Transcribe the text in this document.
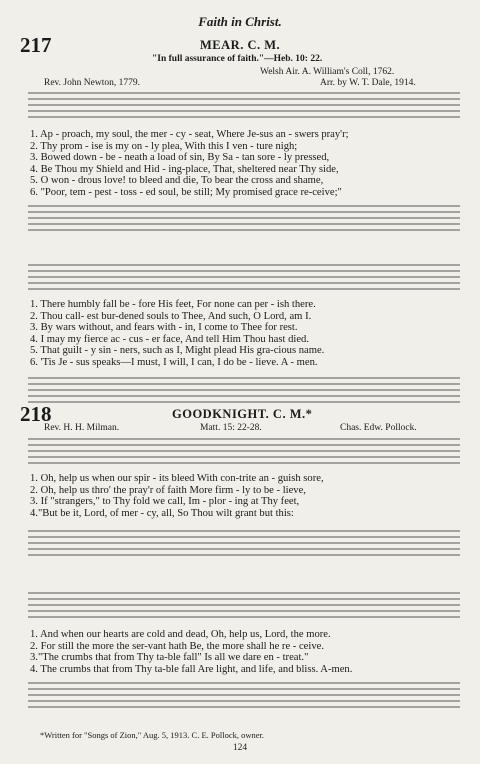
Faith in Christ.
217	MEAR. C. M.
"In full assurance of faith."—Heb. 10: 22.
Welsh Air. A. William's Coll, 1762.
Arr. by W. T. Dale, 1914.
Rev. John Newton, 1779.
1. Ap - proach, my soul, the mer - cy - seat, Where Je-sus an - swers pray'r;
2. Thy prom - ise is my on - ly plea, With this I ven - ture nigh;
3. Bowed down - be - neath a load of sin, By Sa - tan sore - ly pressed,
4. Be Thou my Shield and Hid - ing-place, That, sheltered near Thy side,
5. O won - drous love! to bleed and die, To bear the cross and shame,
6. "Poor, tem - pest - toss - ed soul, be still; My promised grace re-ceive;"
1. There humbly fall be - fore His feet, For none can per - ish there.
2. Thou call- est bur-dened souls to Thee, And such, O Lord, am I.
3. By wars without, and fears with - in, I come to Thee for rest.
4. I may my fierce ac - cus - er face, And tell Him Thou hast died.
5. That guilt - y sin - ners, such as I, Might plead His gra-cious name.
6. 'Tis Je - sus speaks—I must, I will, I can, I do be - lieve. A - men.
218	GOODKNIGHT. C. M.*
Rev. H. H. Milman.	Matt. 15: 22-28.	Chas. Edw. Pollock.
1. Oh, help us when our spir - its bleed With con-trite an - guish sore,
2. Oh, help us thro' the pray'r of faith More firm - ly to be - lieve,
3. If "strangers," to Thy fold we call, Im - plor - ing at Thy feet,
4."But be it, Lord, of mer - cy, all, So Thou wilt grant but this:
1. And when our hearts are cold and dead, Oh, help us, Lord, the more.
2. For still the more the ser-vant hath Be, the more shall he re - ceive.
3."The crumbs that from Thy ta-ble fall" Is all we dare en - treat."
4. The crumbs that from Thy ta-ble fall Are light, and life, and bliss. A-men.
*Written for "Songs of Zion," Aug. 5, 1913. C. E. Pollock, owner.
124
